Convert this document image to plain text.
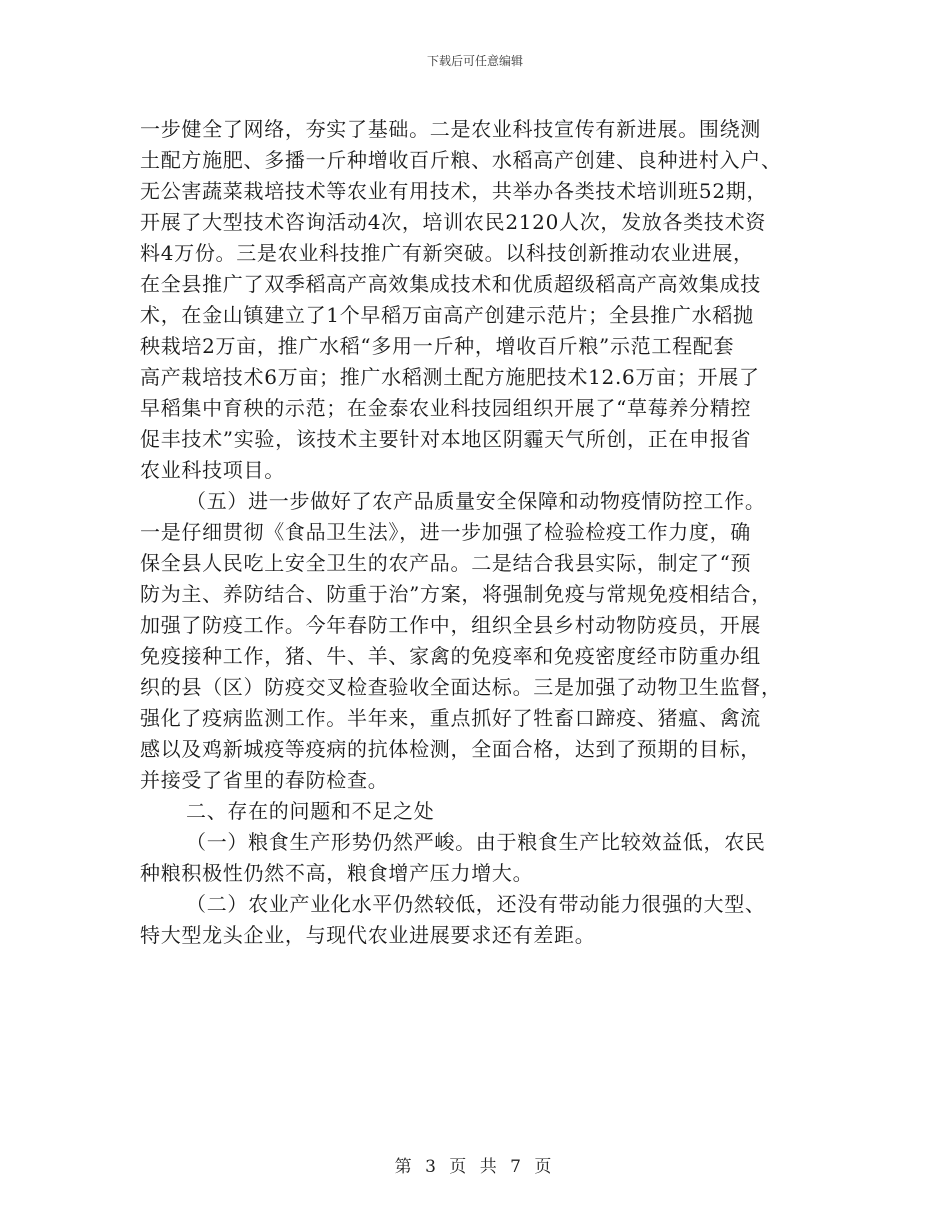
下载后可任意编辑

一步健全了网络，夯实了基础。二是农业科技宣传有新进展。围绕测
土配方施肥、多播一斤种增收百斤粮、水稻高产创建、良种进村入户、
无公害蔬菜栽培技术等农业有用技术，共举办各类技术培训班52期，
开展了大型技术咨询活动4次，培训农民2120人次，发放各类技术资
料4万份。三是农业科技推广有新突破。以科技创新推动农业进展，
在全县推广了双季稻高产高效集成技术和优质超级稻高产高效集成技
术，在金山镇建立了1个早稻万亩高产创建示范片；全县推广水稻抛
秧栽培2万亩，推广水稻“多用一斤种，增收百斤粮”示范工程配套
高产栽培技术6万亩；推广水稻测土配方施肥技术12.6万亩；开展了
早稻集中育秧的示范；在金泰农业科技园组织开展了“草莓养分精控
促丰技术”实验，该技术主要针对本地区阴霾天气所创，正在申报省
农业科技项目。

（五）进一步做好了农产品质量安全保障和动物疫情防控工作。
一是仔细贯彻《食品卫生法》，进一步加强了检验检疫工作力度，确
保全县人民吃上安全卫生的农产品。二是结合我县实际，制定了“预
防为主、养防结合、防重于治”方案，将强制免疫与常规免疫相结合，
加强了防疫工作。今年春防工作中，组织全县乡村动物防疫员，开展
免疫接种工作，猪、牛、羊、家禽的免疫率和免疫密度经市防重办组
织的县（区）防疫交叉检查验收全面达标。三是加强了动物卫生监督，
强化了疫病监测工作。半年来，重点抓好了牲畜口蹄疫、猪瘟、禽流
感以及鸡新城疫等疫病的抗体检测，全面合格，达到了预期的目标，
并接受了省里的春防检查。

二、存在的问题和不足之处

（一）粮食生产形势仍然严峻。由于粮食生产比较效益低，农民
种粮积极性仍然不高，粮食增产压力增大。

（二）农业产业化水平仍然较低，还没有带动能力很强的大型、
特大型龙头企业，与现代农业进展要求还有差距。

第 3 页 共 7 页
